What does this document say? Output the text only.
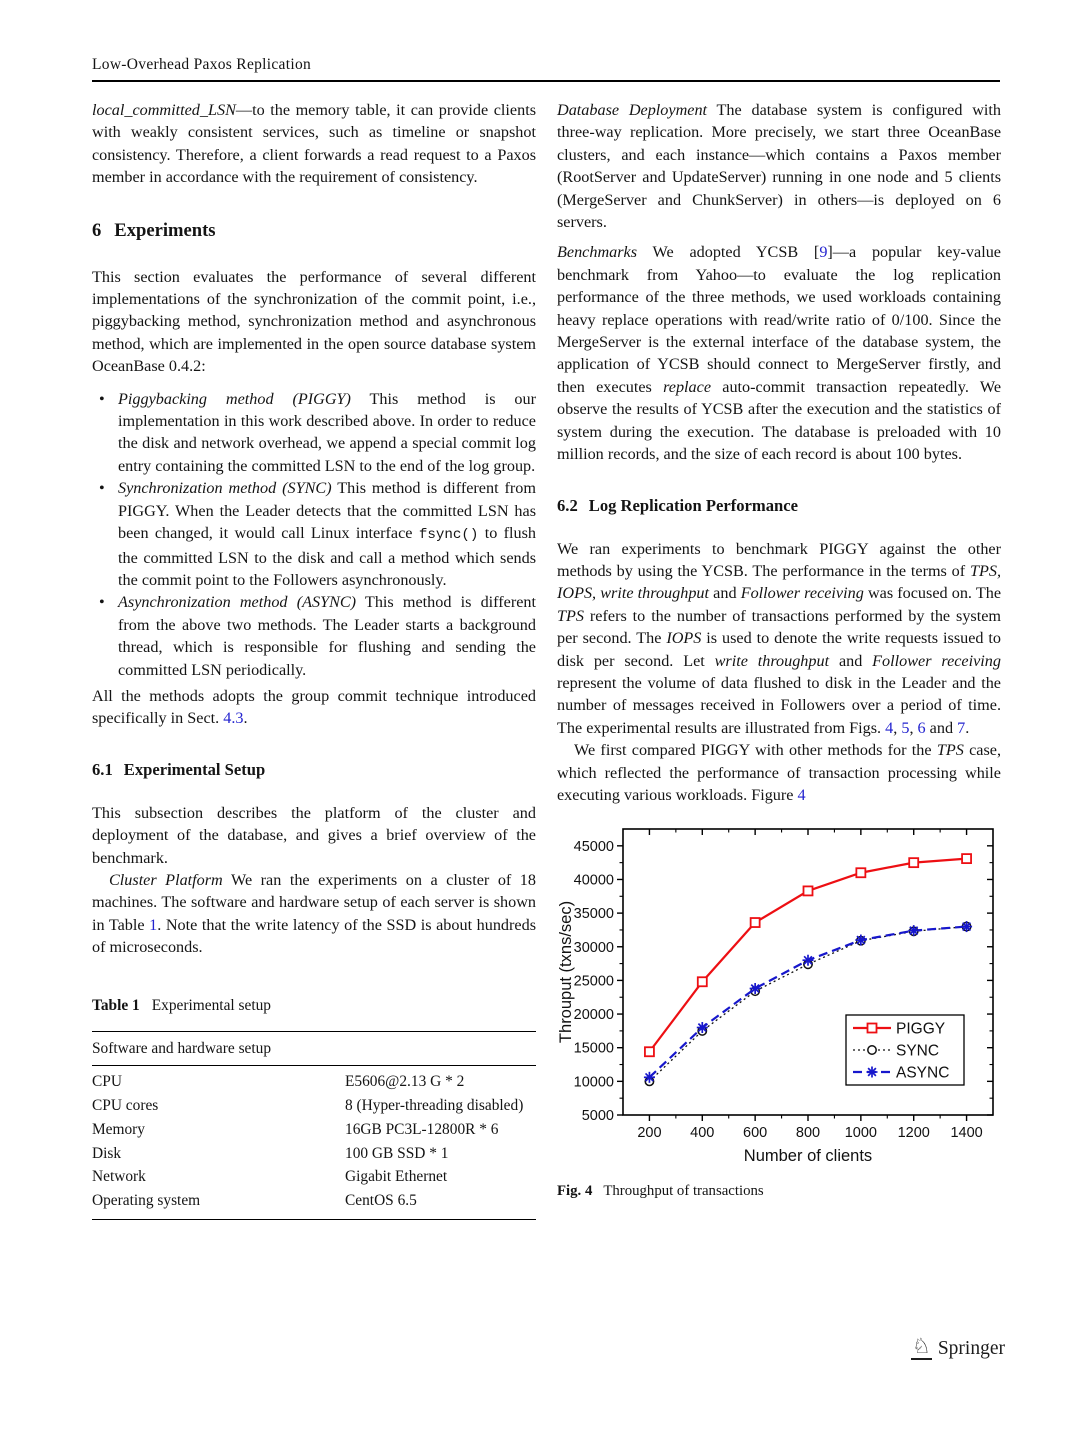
Low-Overhead Paxos Replication

local_committed_LSN—to the memory table, it can provide clients with weakly consistent services, such as timeline or snapshot consistency. Therefore, a client forwards a read request to a Paxos member in accordance with the requirement of consistency.

6 Experiments

This section evaluates the performance of several different implementations of the synchronization of the commit point, i.e., piggybacking method, synchronization method and asynchronous method, which are implemented in the open source database system OceanBase 0.4.2:

• Piggybacking method (PIGGY) This method is our implementation in this work described above. In order to reduce the disk and network overhead, we append a special commit log entry containing the committed LSN to the end of the log group.
• Synchronization method (SYNC) This method is different from PIGGY. When the Leader detects that the committed LSN has been changed, it would call Linux interface fsync() to flush the committed LSN to the disk and call a method which sends the commit point to the Followers asynchronously.
• Asynchronization method (ASYNC) This method is different from the above two methods. The Leader starts a background thread, which is responsible for flushing and sending the committed LSN periodically.

All the methods adopts the group commit technique introduced specifically in Sect. 4.3.

6.1 Experimental Setup

This subsection describes the platform of the cluster and deployment of the database, and gives a brief overview of the benchmark.

Cluster Platform We ran the experiments on a cluster of 18 machines. The software and hardware setup of each server is shown in Table 1. Note that the write latency of the SSD is about hundreds of microseconds.

Table 1 Experimental setup
Software and hardware setup
CPU	E5606@2.13 G * 2
CPU cores	8 (Hyper-threading disabled)
Memory	16GB PC3L-12800R * 6
Disk	100 GB SSD * 1
Network	Gigabit Ethernet
Operating system	CentOS 6.5

Database Deployment The database system is configured with three-way replication. More precisely, we start three OceanBase clusters, and each instance—which contains a Paxos member (RootServer and UpdateServer) running in one node and 5 clients (MergeServer and ChunkServer) in others—is deployed on 6 servers.

Benchmarks We adopted YCSB [9]—a popular key-value benchmark from Yahoo—to evaluate the log replication performance of the three methods, we used workloads containing heavy replace operations with read/write ratio of 0/100. Since the MergeServer is the external interface of the database system, the application of YCSB should connect to MergeServer firstly, and then executes replace auto-commit transaction repeatedly. We observe the results of YCSB after the execution and the statistics of system during the execution. The database is preloaded with 10 million records, and the size of each record is about 100 bytes.

6.2 Log Replication Performance

We ran experiments to benchmark PIGGY against the other methods by using the YCSB. The performance in the terms of TPS, IOPS, write throughput and Follower receiving was focused on. The TPS refers to the number of transactions performed by the system per second. The IOPS is used to denote the write requests issued to disk per second. Let write throughput and Follower receiving represent the volume of data flushed to disk in the Leader and the number of messages received in Followers over a period of time. The experimental results are illustrated from Figs. 4, 5, 6 and 7.

We first compared PIGGY with other methods for the TPS case, which reflected the performance of transaction processing while executing various workloads. Figure 4

200 400 600 800 1000 1200 1400
5000
10000
15000
20000
25000
30000
35000
40000
45000
PIGGY
SYNC
ASYNC
Number of clients
Throuput (txns/sec)
Fig. 4 Throughput of transactions
♘ Springer
